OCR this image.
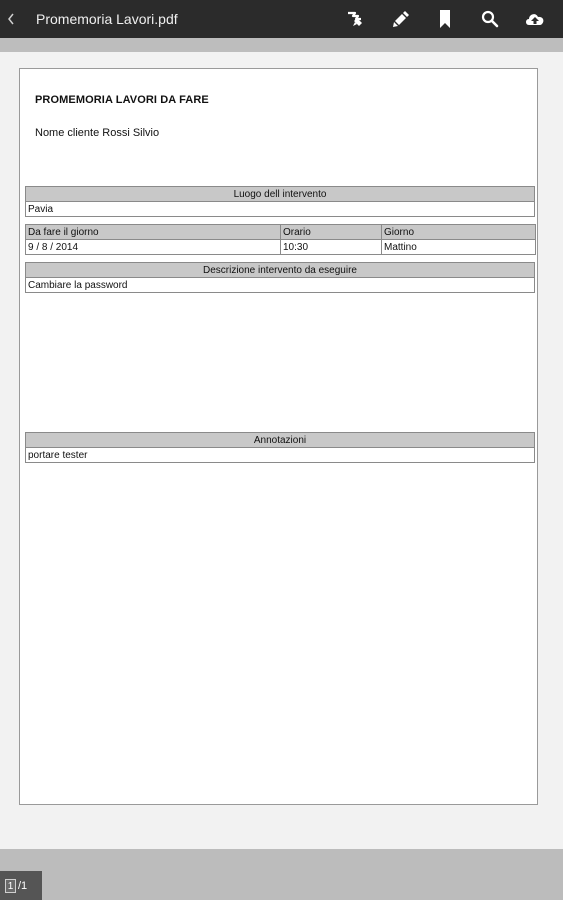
Promemoria Lavori.pdf
PROMEMORIA LAVORI DA FARE
Nome cliente Rossi Silvio
Luogo dell intervento
Pavia
Da fare il giorno	Orario	Giorno
9 / 8 / 2014	10:30	Mattino
Descrizione intervento da eseguire
Cambiare la password
Annotazioni
portare tester
1 /1
